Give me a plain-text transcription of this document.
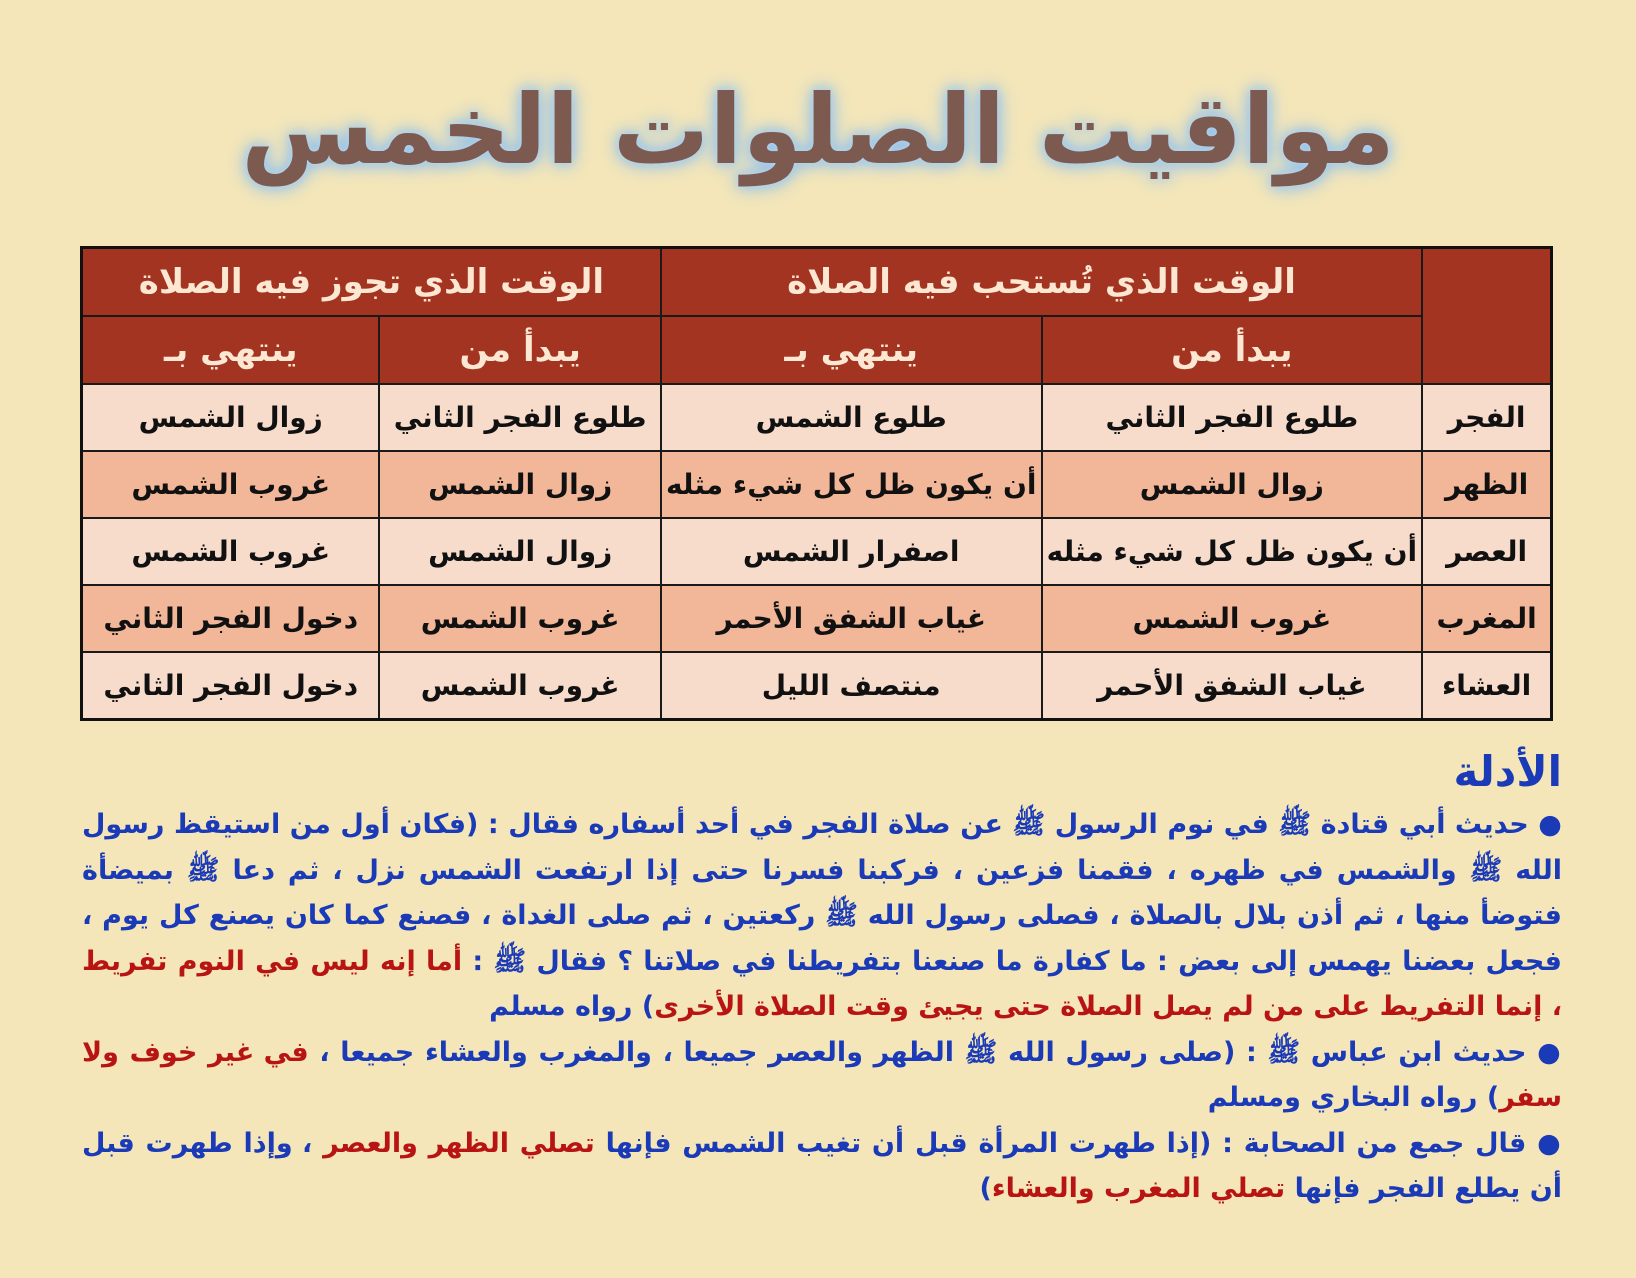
مواقيت الصلوات الخمس
	الوقت الذي تُستحب فيه الصلاة		الوقت الذي تجوز فيه الصلاة	
	يبدأ من	ينتهي بـ	يبدأ من	ينتهي بـ
الفجر	طلوع الفجر الثاني	طلوع الشمس	طلوع الفجر الثاني	زوال الشمس
الظهر	زوال الشمس	أن يكون ظل كل شيء مثله	زوال الشمس	غروب الشمس
العصر	أن يكون ظل كل شيء مثله	اصفرار الشمس	زوال الشمس	غروب الشمس
المغرب	غروب الشمس	غياب الشفق الأحمر	غروب الشمس	دخول الفجر الثاني
العشاء	غياب الشفق الأحمر	منتصف الليل	غروب الشمس	دخول الفجر الثاني
الأدلة

● حديث أبي قتادة ﷺ في نوم الرسول ﷺ عن صلاة الفجر في أحد أسفاره فقال : (فكان أول من استيقظ رسول الله ﷺ والشمس في ظهره ، فقمنا فزعين ، فركبنا فسرنا حتى إذا ارتفعت الشمس نزل ، ثم دعا ﷺ بميضأة فتوضأ منها ، ثم أذن بلال بالصلاة ، فصلى رسول الله ﷺ ركعتين ، ثم صلى الغداة ، فصنع كما كان يصنع كل يوم ، فجعل بعضنا يهمس إلى بعض : ما كفارة ما صنعنا بتفريطنا في صلاتنا ؟ فقال ﷺ : أما إنه ليس في النوم تفريط ، إنما التفريط على من لم يصل الصلاة حتى يجيئ وقت الصلاة الأخرى) رواه مسلم

● حديث ابن عباس ﷺ : (صلى رسول الله ﷺ الظهر والعصر جميعا ، والمغرب والعشاء جميعا ، في غير خوف ولا سفر) رواه البخاري ومسلم

● قال جمع من الصحابة : (إذا طهرت المرأة قبل أن تغيب الشمس فإنها تصلي الظهر والعصر ، وإذا طهرت قبل أن يطلع الفجر فإنها تصلي المغرب والعشاء)
